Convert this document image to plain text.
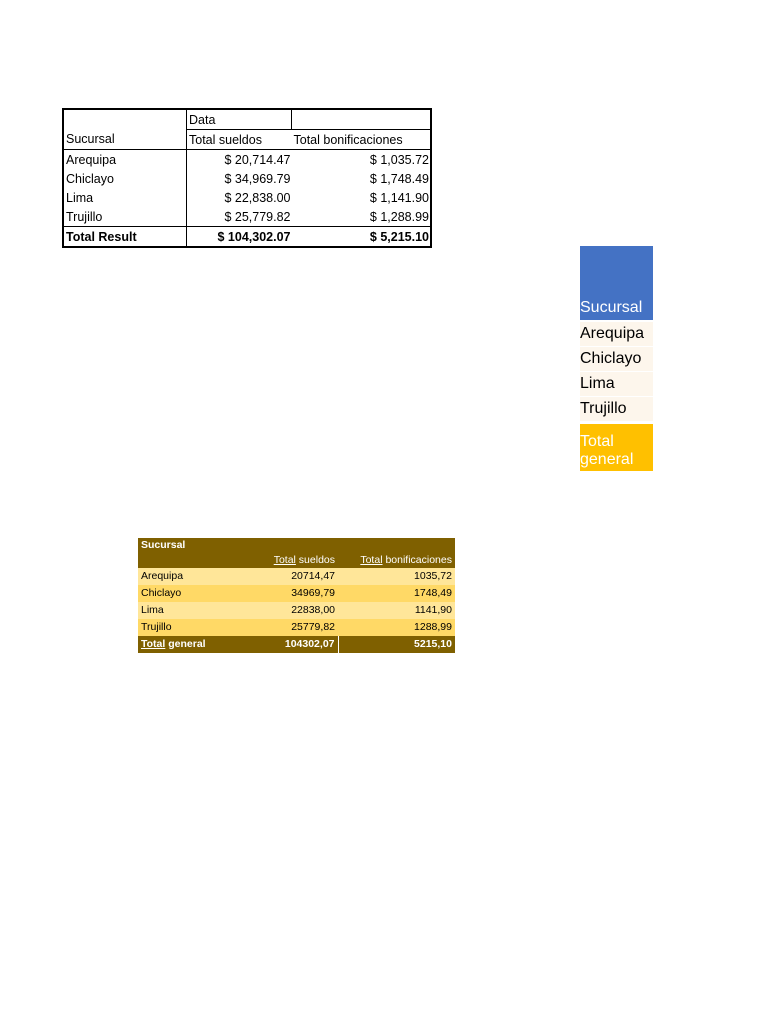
	Data	
Sucursal	Total sueldos	Total bonificaciones
Arequipa	$ 20,714.47	$ 1,035.72
Chiclayo	$ 34,969.79	$ 1,748.49
Lima	$ 22,838.00	$ 1,141.90
Trujillo	$ 25,779.82	$ 1,288.99
Total Result	$ 104,302.07	$ 5,215.10
Sucursal
Arequipa
Chiclayo
Lima
Trujillo
Total
general
Sucursal		
	Total sueldos	Total bonificaciones
Arequipa	20714,47	1035,72
Chiclayo	34969,79	1748,49
Lima	22838,00	1141,90
Trujillo	25779,82	1288,99
Total general	104302,07	5215,10
